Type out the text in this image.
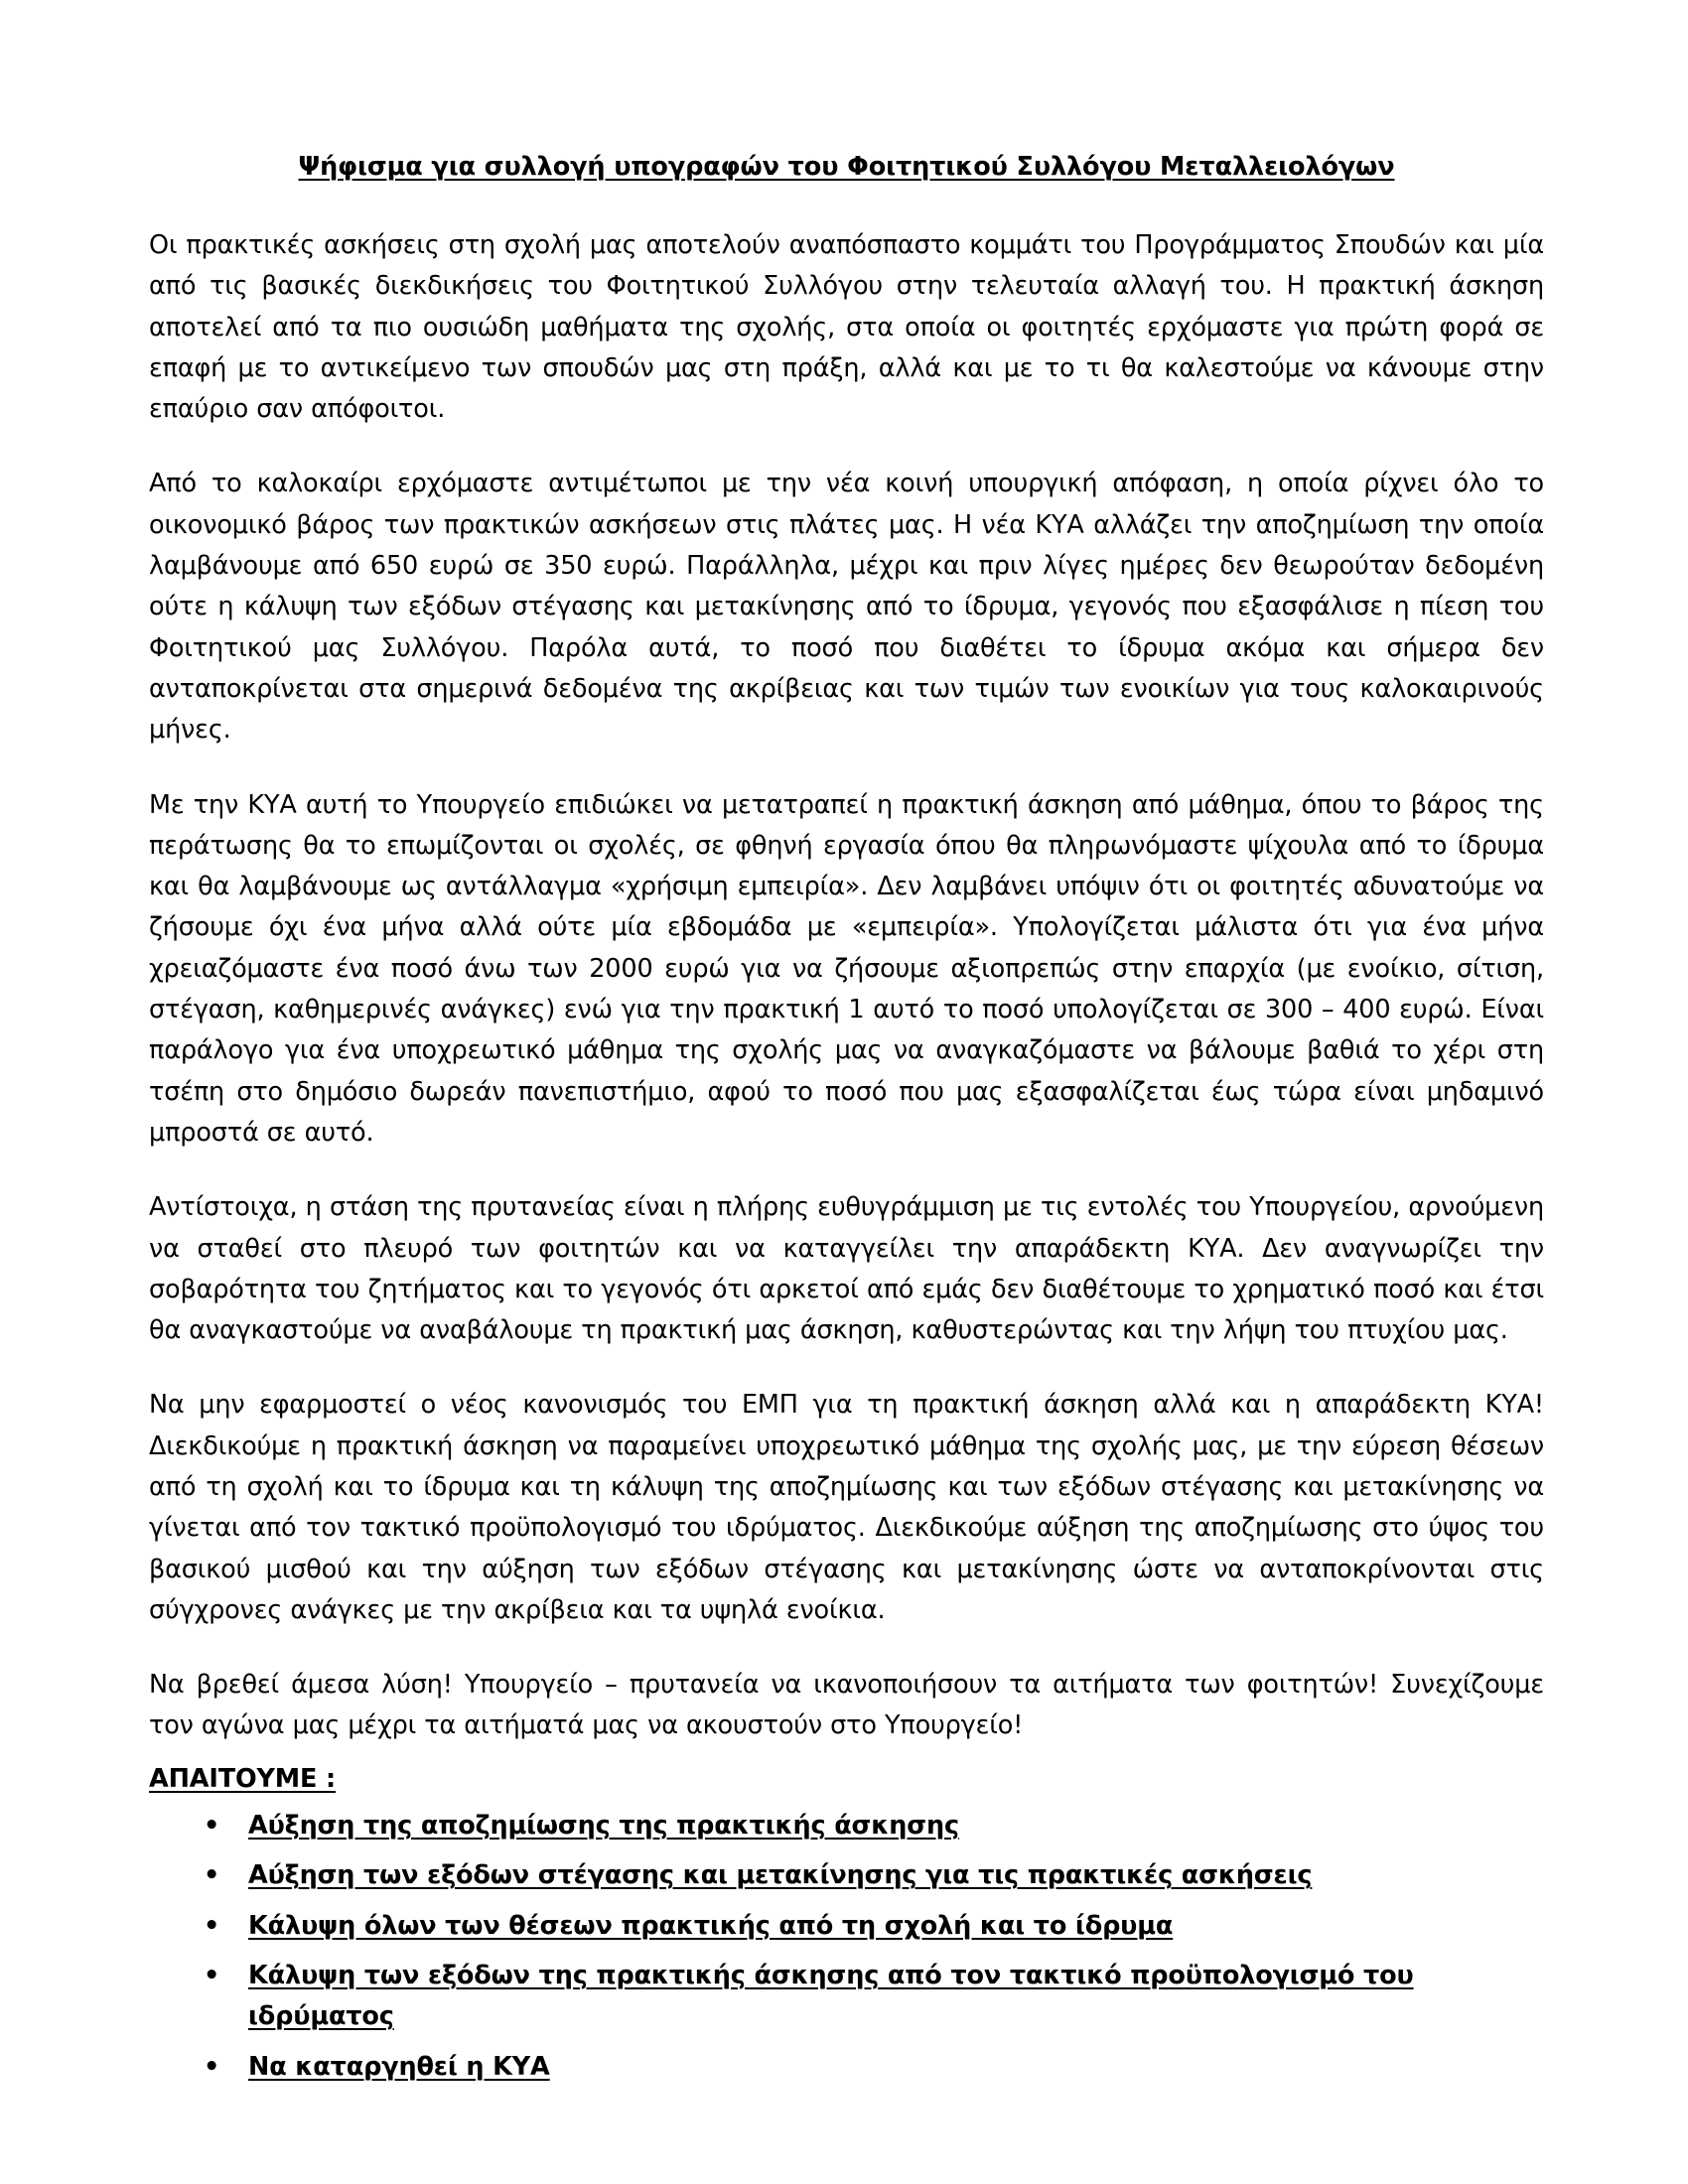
Ψήφισμα για συλλογή υπογραφών του Φοιτητικού Συλλόγου Μεταλλειολόγων

Οι πρακτικές ασκήσεις στη σχολή μας αποτελούν αναπόσπαστο κομμάτι του Προγράμματος Σπουδών και μία από τις βασικές διεκδικήσεις του Φοιτητικού Συλλόγου στην τελευταία αλλαγή του. Η πρακτική άσκηση αποτελεί από τα πιο ουσιώδη μαθήματα της σχολής, στα οποία οι φοιτητές ερχόμαστε για πρώτη φορά σε επαφή με το αντικείμενο των σπουδών μας στη πράξη, αλλά και με το τι θα καλεστούμε να κάνουμε στην επαύριο σαν απόφοιτοι.

Από το καλοκαίρι ερχόμαστε αντιμέτωποι με την νέα κοινή υπουργική απόφαση, η οποία ρίχνει όλο το οικονομικό βάρος των πρακτικών ασκήσεων στις πλάτες μας. Η νέα ΚΥΑ αλλάζει την αποζημίωση την οποία λαμβάνουμε από 650 ευρώ σε 350 ευρώ. Παράλληλα, μέχρι και πριν λίγες ημέρες δεν θεωρούταν δεδομένη ούτε η κάλυψη των εξόδων στέγασης και μετακίνησης από το ίδρυμα, γεγονός που εξασφάλισε η πίεση του Φοιτητικού μας Συλλόγου. Παρόλα αυτά, το ποσό που διαθέτει το ίδρυμα ακόμα και σήμερα δεν ανταποκρίνεται στα σημερινά δεδομένα της ακρίβειας και των τιμών των ενοικίων για τους καλοκαιρινούς μήνες.

Με την ΚΥΑ αυτή το Υπουργείο επιδιώκει να μετατραπεί η πρακτική άσκηση από μάθημα, όπου το βάρος της περάτωσης θα το επωμίζονται οι σχολές, σε φθηνή εργασία όπου θα πληρωνόμαστε ψίχουλα από το ίδρυμα και θα λαμβάνουμε ως αντάλλαγμα «χρήσιμη εμπειρία». Δεν λαμβάνει υπόψιν ότι οι φοιτητές αδυνατούμε να ζήσουμε όχι ένα μήνα αλλά ούτε μία εβδομάδα με «εμπειρία». Υπολογίζεται μάλιστα ότι για ένα μήνα χρειαζόμαστε ένα ποσό άνω των 2000 ευρώ για να ζήσουμε αξιοπρεπώς στην επαρχία (με ενοίκιο, σίτιση, στέγαση, καθημερινές ανάγκες) ενώ για την πρακτική 1 αυτό το ποσό υπολογίζεται σε 300 – 400 ευρώ. Είναι παράλογο για ένα υποχρεωτικό μάθημα της σχολής μας να αναγκαζόμαστε να βάλουμε βαθιά το χέρι στη τσέπη στο δημόσιο δωρεάν πανεπιστήμιο, αφού το ποσό που μας εξασφαλίζεται έως τώρα είναι μηδαμινό μπροστά σε αυτό.

Αντίστοιχα, η στάση της πρυτανείας είναι η πλήρης ευθυγράμμιση με τις εντολές του Υπουργείου, αρνούμενη να σταθεί στο πλευρό των φοιτητών και να καταγγείλει την απαράδεκτη ΚΥΑ. Δεν αναγνωρίζει την σοβαρότητα του ζητήματος και το γεγονός ότι αρκετοί από εμάς δεν διαθέτουμε το χρηματικό ποσό και έτσι θα αναγκαστούμε να αναβάλουμε τη πρακτική μας άσκηση, καθυστερώντας και την λήψη του πτυχίου μας.

Να μην εφαρμοστεί ο νέος κανονισμός του ΕΜΠ για τη πρακτική άσκηση αλλά και η απαράδεκτη ΚΥΑ! Διεκδικούμε η πρακτική άσκηση να παραμείνει υποχρεωτικό μάθημα της σχολής μας, με την εύρεση θέσεων από τη σχολή και το ίδρυμα και τη κάλυψη της αποζημίωσης και των εξόδων στέγασης και μετακίνησης να γίνεται από τον τακτικό προϋπολογισμό του ιδρύματος. Διεκδικούμε αύξηση της αποζημίωσης στο ύψος του βασικού μισθού και την αύξηση των εξόδων στέγασης και μετακίνησης ώστε να ανταποκρίνονται στις σύγχρονες ανάγκες με την ακρίβεια και τα υψηλά ενοίκια.

Να βρεθεί άμεσα λύση! Υπουργείο – πρυτανεία να ικανοποιήσουν τα αιτήματα των φοιτητών! Συνεχίζουμε τον αγώνα μας μέχρι τα αιτήματά μας να ακουστούν στο Υπουργείο!

ΑΠΑΙΤΟΥΜΕ :
• Αύξηση της αποζημίωσης της πρακτικής άσκησης
• Αύξηση των εξόδων στέγασης και μετακίνησης για τις πρακτικές ασκήσεις
• Κάλυψη όλων των θέσεων πρακτικής από τη σχολή και το ίδρυμα
• Κάλυψη των εξόδων της πρακτικής άσκησης από τον τακτικό προϋπολογισμό του ιδρύματος
• Να καταργηθεί η ΚΥΑ
